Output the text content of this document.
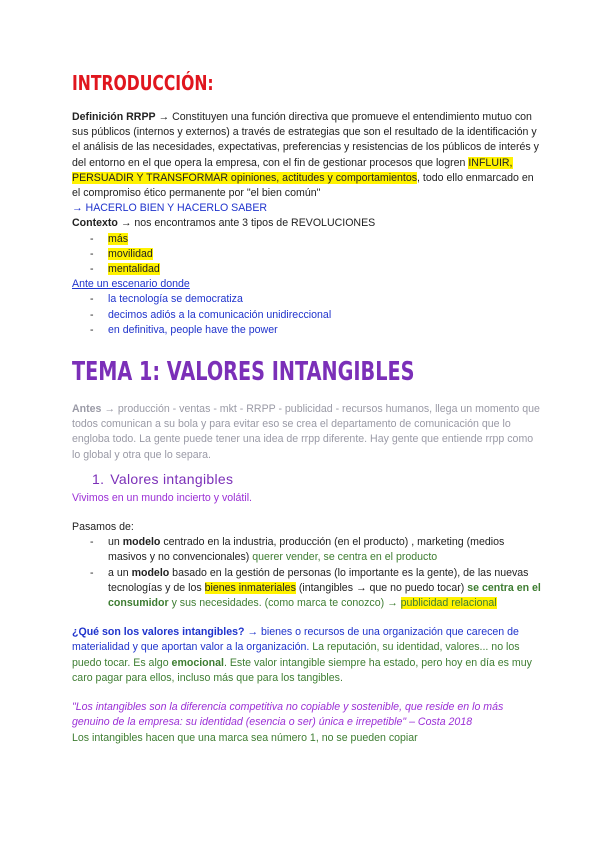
INTRODUCCIÓN:

Definición RRPP → Constituyen una función directiva que promueve el entendimiento mutuo con sus públicos (internos y externos) a través de estrategias que son el resultado de la identificación y el análisis de las necesidades, expectativas, preferencias y resistencias de los públicos de interés y del entorno en el que opera la empresa, con el fin de gestionar procesos que logren INFLUIR, PERSUADIR Y TRANSFORMAR opiniones, actitudes y comportamientos, todo ello enmarcado en el compromiso ético permanente por "el bien común"

→ HACERLO BIEN Y HACERLO SABER

Contexto → nos encontramos ante 3 tipos de REVOLUCIONES

- más
- movilidad
- mentalidad

Ante un escenario donde

- la tecnología se democratiza
- decimos adiós a la comunicación unidireccional
- en definitiva, people have the power
TEMA 1: VALORES INTANGIBLES

Antes → producción - ventas - mkt - RRPP - publicidad - recursos humanos, llega un momento que todos comunican a su bola y para evitar eso se crea el departamento de comunicación que lo engloba todo. La gente puede tener una idea de rrpp diferente. Hay gente que entiende rrpp como lo global y otra que lo separa.

1. Valores intangibles

Vivimos en un mundo incierto y volátil.

Pasamos de:

- un modelo centrado en la industria, producción (en el producto) , marketing (medios masivos y no convencionales) querer vender, se centra en el producto
- a un modelo basado en la gestión de personas (lo importante es la gente), de las nuevas tecnologías y de los bienes inmateriales (intangibles → que no puedo tocar) se centra en el consumidor y sus necesidades. (como marca te conozco) → publicidad relacional

¿Qué son los valores intangibles? → bienes o recursos de una organización que carecen de materialidad y que aportan valor a la organización. La reputación, su identidad, valores... no los puedo tocar. Es algo emocional. Este valor intangible siempre ha estado, pero hoy en día es muy caro pagar para ellos, incluso más que para los tangibles.

"Los intangibles son la diferencia competitiva no copiable y sostenible, que reside en lo más genuino de la empresa: su identidad (esencia o ser) única e irrepetible" – Costa 2018

Los intangibles hacen que una marca sea número 1, no se pueden copiar
